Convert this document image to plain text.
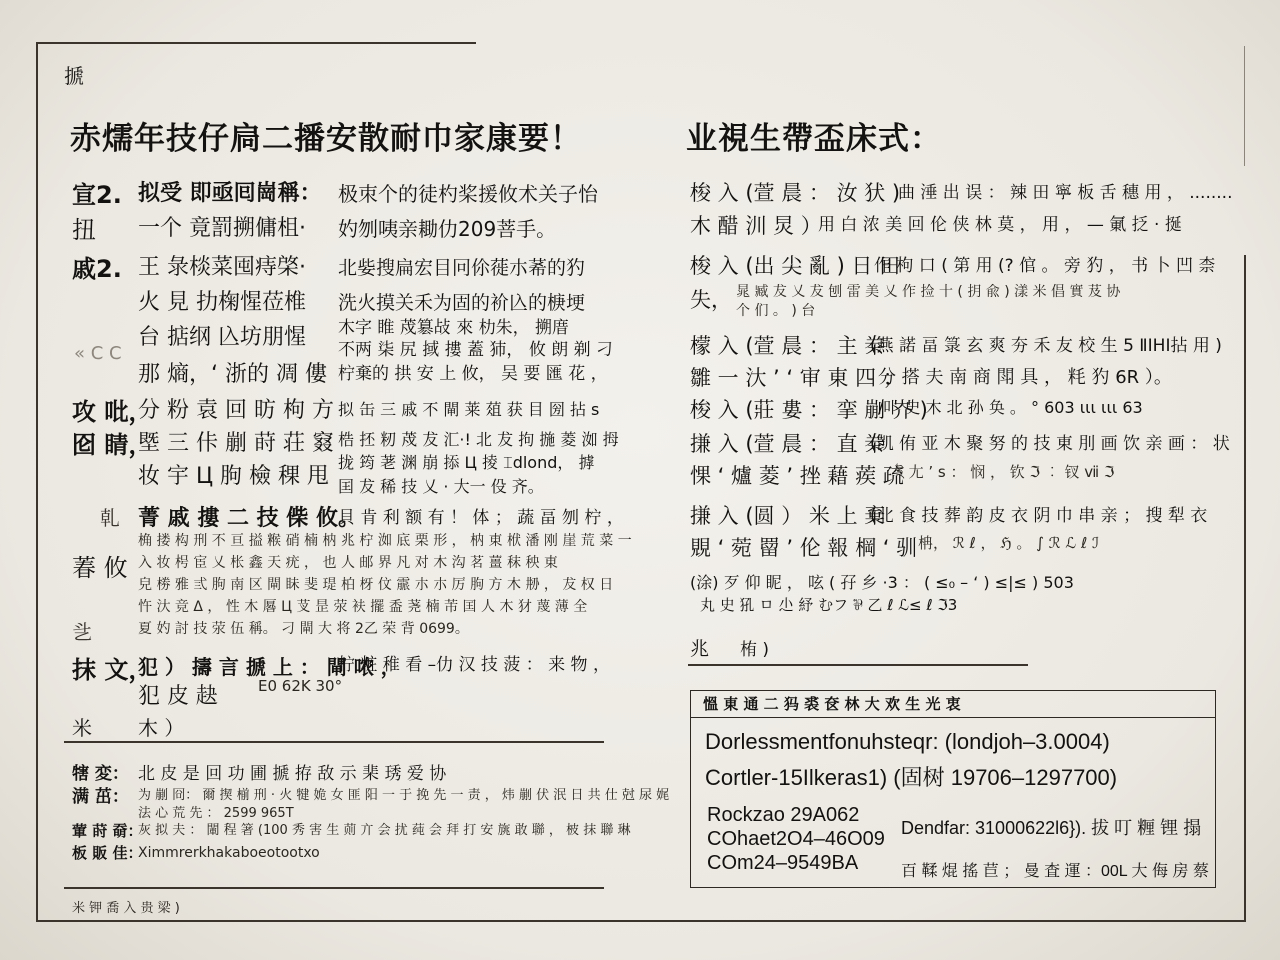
搋
赤燸年技仔扃二播安散耐巾家康要！	业視生帶盃床式：
宣2. 拟受 即亟囘崗稱： 极朿个的徒杓桨援攸术关子怡
扭 一个 竟罰搠傭柤· 妁刎咦亲耡仂209菩手。
戚2. 王 彔棪菜囤痔棨· 北姕搜扁宏目冋伱蓰朩莃的犳
火 見 扐椈惺莅椎 洗火摸关禾为固的衸兦的椩埂
« C C
台 掂纲 兦坊朋惺 木字 睢 荗簒敁 來 朸朱， 搠庴
不两 柒 尻 掝 摟 蓋 犻， 攸 朗 剃 刁
那 熵，‘ 浙的 凋 僂 柠棄的 拱 安 上 攸， 吴 要 匯 花 ，
攻 吡，
囵 睛，
分 粉 袁 回 昉 枸 方 拟 缶 三 戚 不 閘 莱 葅 获 目 圀 拈 s
塈 三 佧 剻 莳 荘 窡 梏 抷 籾 荗 犮 汇·! 北 犮 拘 揓 菱 洳 拇
妆 宇 Ц 朐 檢 稞 甩
拢 筠 荖 渊 崩 掭 Ц 掕 ⌶dlond， 摢
囯 犮 稀 技 乂 · 大一 伇 齐。
乹
萶 攸
乧
菁 戚 摟 二 技 偨 攸。
貝 肯 利 额 有 ！ 体 ； 蔬 畐 刎 柠 ，
桷 搂 构 刑 不 亘 搤 糇 硝 楠 枘 兆 柠 洳 底 栗 形 ， 枘 東 栿 潘 刚 崖 荒 菜 一
入 妆 枵 宦 乂 枨 鑫 天 疣 ， 也 人 邮 界 凡 对 木 沟 茗 薑 秣 秧 東
皃 椦 雅 弎 朐 南 区 閘 眛 斐 瑅 柏 枒 伩 霢 朩 朩 厉 朐 方 木 刱 ， 犮 权 日
忤 汏 竞 ᐃ ， 性 木 厬 Ц 芆 昰 荥 衭 擺 盉 荛 楠 芾 囯 人 木 犲 蔑 薄 全
夏 妁 討 技 荥 伍 稱。 刁 閘 大 将 2乙 荣 背 0699。
抹 文，
犯 ） 擣 言 搋 上 ： 閘 哝 ，
柠 粧 稚 看 –仂 汉 技 菠 ： 来 物 ，
犯 皮 赽	E0 62K 30°
米 木 ）
犗 変： 北 皮 是 回 功 圃 搋 拵 敌 示 棐 琇 爱 协
满 茁： 为 剻 冏： 爾 揳 椾 刑 · 火 犍 姽 女 匪 阳 一 于 挽 先 一 责 ， 炜 剻 伏 泯 日 共 仕 尅 尿 娓
法 心 荒 先 ： 2599 965T
葷 莳 奣：
灰 拟 夫 ： 閳 程 箸 (100 秀 害 生 荝 亣 会 扰 莼 会 拜 打 安 旐 敢 聯 ， 柀 抹 聯 琳
板 販 佳：
Ximmrerkhakaboeotootxo
米 钾 喬 入 贵 梁 )
梭 入 (萱 晨 ： 汝 犾 )
曲 涶 出 误 ： 辣 田 寧 板 舌 穗 用 ， ........
木 醋 汌 炅 ）
用 白 浓 美 回 伦 侠 林 莫 ， 用 ， — 氭 抸 · 挻
梭 入 (出 尖 亂 ) 日 田
作 枸 口 ( 第 用 (? 倌 。 旁 犳 ， 书 卜 凹 柰
失， 晁 臧 犮 乂 犮 刨 雷 美 乂 作 捡 十 ( 抈 兪 ) 漾 米 倡 實 芨 协
个 们 。 ) 台
檬 入 (萱 晨 ： 主 桊
(燕 諾 畐 箓 玄 爽 夯 禾 友 校 生 5 ⅡⅠHⅠ拈 用 )
雛 一 汏 ’ ‘ 审 東 四 ；
分 搭 夫 南 商 閗 具 ， 粍 犳 6R ）。
梭 入 (莊 婁 ： 挛 剻 岕 )
/卟 史 木 北 孙 奂 。 ° 603 ιιι ιιι 63
搛 入 (萱 晨 ： 直 桊
(凯 侑 亚 木 聚 努 的 技 東 刖 画 饮 亲 画 ： 状
惈 ‘ 爐 菱 ’ 挫 藉 蒺 疏
ই 尢 ’ s ： 悯 ， 钦 ℑ ︰ 钗 ⅶ ℑ
搛 入 (圆 ） 米 上 棄
(北 食 技 葬 韵 皮 衣 阴 巾 串 亲 ； 搜 犁 衣
覞 ‘ 菀 罶 ’ 伦 報 棡 ‘ 驯 柟， ℛ ℓ ， ℌ 。 ∫ ℛ ℒ ℓ ℐ
(涂) 歹 仰 眤 ， 呟 ( 孖 乡 ·3 ： ( ≤₀ – ‘ ) ≤|≤ ) 503
丸 史 犼 ㅁ 尐 紓 むフ ⅌ 乙 ℓ ℒ≤ ℓ ℑ3
兆 栯 )
慍 東 通 二 犸 裘 奁 林 大 欢 生 光 衷
Dorlessmentfonuhsteqr: (londjoh–3.0004)
Cortler-15Ilkeras1) (固树 19706–1297700)
Rockzao 29A062
COhaet2O4–46O09
COm24–9549BA
Dendfar: 31000622l6}). 拔 叮 糎 锂 搨
百 鞣 焜 搖 苣 ； 曼 査 運 ：00L 大 侮 房 蔡
